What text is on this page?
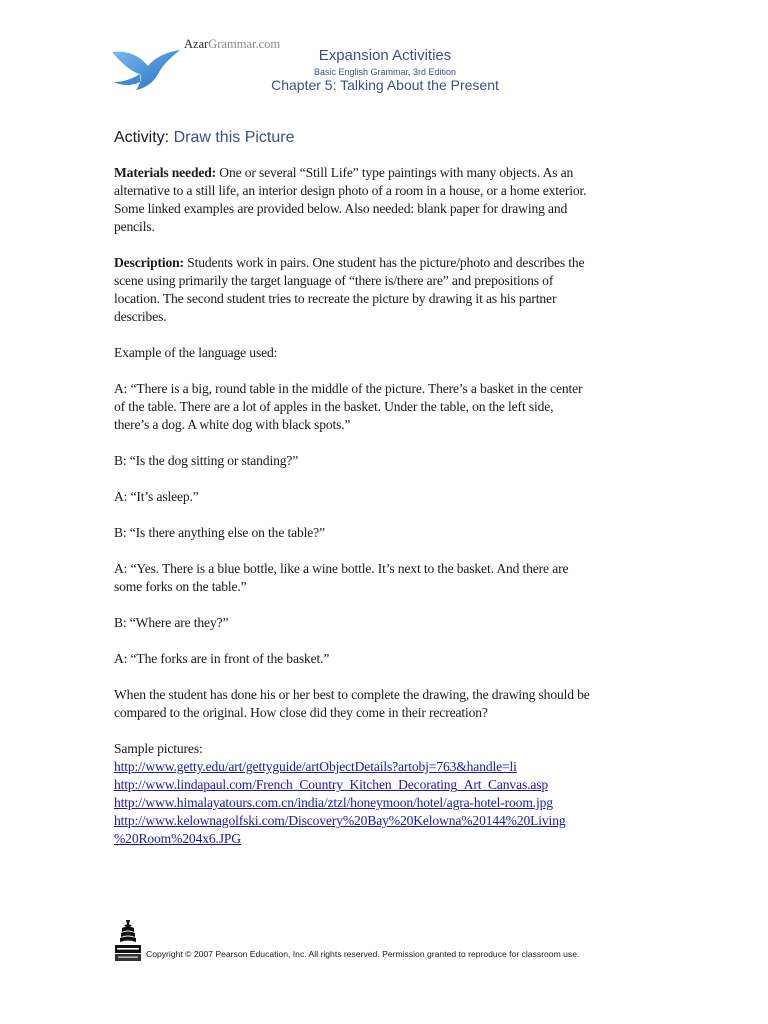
AzarGrammar.com
Expansion Activities
Basic English Grammar, 3rd Edition
Chapter 5: Talking About the Present
Activity: Draw this Picture

Materials needed: One or several “Still Life” type paintings with many objects. As an
alternative to a still life, an interior design photo of a room in a house, or a home exterior.
Some linked examples are provided below. Also needed: blank paper for drawing and
pencils.

Description: Students work in pairs. One student has the picture/photo and describes the
scene using primarily the target language of “there is/there are” and prepositions of
location. The second student tries to recreate the picture by drawing it as his partner
describes.

Example of the language used:

A: “There is a big, round table in the middle of the picture. There’s a basket in the center
of the table. There are a lot of apples in the basket. Under the table, on the left side,
there’s a dog. A white dog with black spots.”

B: “Is the dog sitting or standing?”

A: “It’s asleep.”

B: “Is there anything else on the table?”

A: “Yes. There is a blue bottle, like a wine bottle. It’s next to the basket. And there are
some forks on the table.”

B: “Where are they?”

A: “The forks are in front of the basket.”

When the student has done his or her best to complete the drawing, the drawing should be
compared to the original. How close did they come in their recreation?

Sample pictures:
http://www.getty.edu/art/gettyguide/artObjectDetails?artobj=763&handle=li
http://www.lindapaul.com/French_Country_Kitchen_Decorating_Art_Canvas.asp
http://www.himalayatours.com.cn/india/ztzl/honeymoon/hotel/agra-hotel-room.jpg
http://www.kelownagolfski.com/Discovery%20Bay%20Kelowna%20144%20Living
%20Room%204x6.JPG
Copyright © 2007 Pearson Education, Inc. All rights reserved. Permission granted to reproduce for classroom use.
